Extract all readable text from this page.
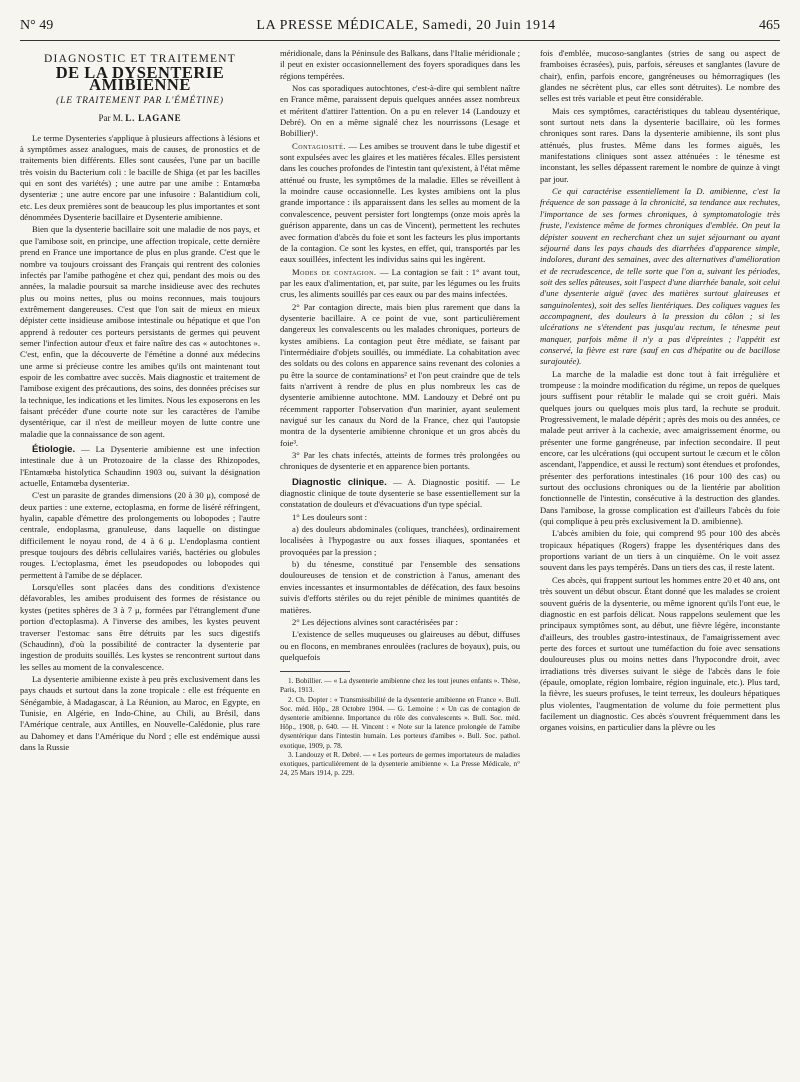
N° 49	LA PRESSE MÉDICALE, Samedi, 20 Juin 1914	465
DIAGNOSTIC ET TRAITEMENT
DE LA DYSENTERIE AMIBIENNE
(LE TRAITEMENT PAR L'ÉMÉTINE)
Par M. L. LAGANE

Le terme Dysenteries s'applique à plusieurs affections à lésions et à symptômes assez analogues, mais de causes, de pronostics et de traitements bien différents. Elles sont causées, l'une par un bacille très voisin du Bacterium coli : le bacille de Shiga (et par les bacilles qui en sont des variétés) ; une autre par une amibe : Entamœba dysenteriæ ; une autre encore par une infusoire : Balantidium coli, etc. Les deux premières sont de beaucoup les plus importantes et sont dénommées Dysenterie bacillaire et Dysenterie amibienne.

Bien que la dysenterie bacillaire soit une maladie de nos pays, et que l'amibose soit, en principe, une affection tropicale, cette dernière prend en France une importance de plus en plus grande. C'est que le nombre va toujours croissant des Français qui rentrent des colonies infectés par l'amibe pathogène et chez qui, pendant des mois ou des années, la maladie poursuit sa marche insidieuse avec des rechutes plus ou moins nettes, plus ou moins reconnues, mais toujours extrêmement dangereuses. C'est que l'on sait de mieux en mieux dépister cette insidieuse amibose intestinale ou hépatique et que l'on apprend à redouter ces porteurs persistants de germes qui peuvent semer l'infection autour d'eux et faire naître des cas « autochtones ». C'est, enfin, que la découverte de l'émétine a donné aux médecins une arme si précieuse contre les amibes qu'ils ont maintenant tout espoir de les combattre avec succès. Mais diagnostic et traitement de l'amibose exigent des précautions, des soins, des données précises sur la technique, les indications et les limites. Nous les exposerons en les faisant précéder d'une courte note sur les caractères de l'amibe dysentérique, car il n'est de meilleur moyen de lutte contre une maladie que la connaissance de son agent.

Étiologie. — La Dysenterie amibienne est une infection intestinale due à un Protozoaire de la classe des Rhizopodes, l'Entamœba histolytica Schaudinn 1903 ou, suivant la désignation actuelle, Entamœba dysenteriæ.

C'est un parasite de grandes dimensions (20 à 30 μ), composé de deux parties : une externe, ectoplasma, en forme de liséré réfringent, hyalin, capable d'émettre des prolongements ou lobopodes ; l'autre centrale, endoplasma, granuleuse, dans laquelle on distingue difficilement le noyau rond, de 4 à 6 μ. L'endoplasma contient presque toujours des débris cellulaires variés, bactéries ou globules rouges. L'ectoplasma, émet les pseudopodes ou lobopodes qui permettent à l'amibe de se déplacer.

Lorsqu'elles sont placées dans des conditions d'existence défavorables, les amibes produisent des formes de résistance ou kystes (petites sphères de 3 à 7 μ, formées par l'étranglement d'une portion d'ectoplasma). A l'inverse des amibes, les kystes peuvent traverser l'estomac sans être détruits par les sucs digestifs (Schaudinn), d'où la possibilité de contracter la dysenterie par ingestion de produits souillés. Les kystes se rencontrent surtout dans les selles au moment de la convalescence.

La dysenterie amibienne existe à peu près exclusivement dans les pays chauds et surtout dans la zone tropicale : elle est fréquente en Sénégambie, à Madagascar, à La Réunion, au Maroc, en Egypte, en Tunisie, en Algérie, en Indo-Chine, au Chili, au Brésil, dans l'Amérique centrale, aux Antilles, en Nouvelle-Calédonie, plus rare au Dahomey et dans l'Amérique du Nord ; elle est endémique aussi dans la Russie

méridionale, dans la Péninsule des Balkans, dans l'Italie méridionale ; il peut en exister occasionnellement des foyers sporadiques dans les régions tempérées.

Nos cas sporadiques autochtones, c'est-à-dire qui semblent naître en France même, paraissent depuis quelques années assez nombreux et méritent d'attirer l'attention. On a pu en relever 14 (Landouzy et Debré). On en a même signalé chez les nourrissons (Lesage et Bobillier)¹.

Contagiosité. — Les amibes se trouvent dans le tube digestif et sont expulsées avec les glaires et les matières fécales. Elles persistent dans les couches profondes de l'intestin tant qu'existent, à l'état même atténué ou fruste, les symptômes de la maladie. Elles se réveillent à la moindre cause occasionnelle. Les kystes amibiens ont la plus grande importance : ils apparaissent dans les selles au moment de la convalescence, peuvent persister fort longtemps (onze mois après la guérison apparente, dans un cas de Vincent), permettent les rechutes avec formation d'abcès du foie et sont les facteurs les plus importants de la contagion. Ce sont les kystes, en effet, qui, transportés par les eaux souillées, infectent les individus sains qui les ingèrent.

Modes de contagion. — La contagion se fait : 1° avant tout, par les eaux d'alimentation, et, par suite, par les légumes ou les fruits crus, les aliments souillés par ces eaux ou par des mains infectées.

2° Par contagion directe, mais bien plus rarement que dans la dysenterie bacillaire. A ce point de vue, sont particulièrement dangereux les convalescents ou les malades chroniques, porteurs de kystes amibiens. La contagion peut être médiate, se faisant par l'intermédiaire d'objets souillés, ou immédiate. La cohabitation avec des soldats ou des colons en apparence sains revenant des colonies a pu être la source de contaminations² et l'on peut craindre que de tels faits n'arrivent à rendre de plus en plus nombreux les cas de dysenterie amibienne autochtone. MM. Landouzy et Debré ont pu récemment rapporter l'observation d'un marinier, ayant seulement navigué sur les canaux du Nord de la France, chez qui l'autopsie montra de la dysenterie amibienne chronique et un gros abcès du foie³.

3° Par les chats infectés, atteints de formes très prolongées ou chroniques de dysenterie et en apparence bien portants.

Diagnostic clinique. — A. Diagnostic positif. — Le diagnostic clinique de toute dysenterie se base essentiellement sur la constatation de douleurs et d'évacuations d'un type spécial.

1° Les douleurs sont :

a) des douleurs abdominales (coliques, tranchées), ordinairement localisées à l'hypogastre ou aux fosses iliaques, spontanées et provoquées par la pression ;

b) du ténesme, constitué par l'ensemble des sensations douloureuses de tension et de constriction à l'anus, amenant des envies incessantes et insurmontables de défécation, des faux besoins suivis d'efforts stériles ou du rejet pénible de minimes quantités de matières.

2° Les déjections alvines sont caractérisées par :

L'existence de selles muqueuses ou glaireuses au début, diffuses ou en flocons, en membranes enroulées (raclures de boyaux), puis, ou quelquefois

1. Bobillier. — « La dysenterie amibienne chez les tout jeunes enfants ». Thèse, Paris, 1913.

2. Ch. Dopter : « Transmissibilité de la dysenterie amibienne en France ». Bull. Soc. méd. Hôp., 28 Octobre 1904. — G. Lemoine : « Un cas de contagion de dysenterie amibienne. Importance du rôle des convalescents ». Bull. Soc. méd. Hôp., 1908, p. 640. — H. Vincent : « Note sur la latence prolongée de l'amibe dysentérique dans l'intestin humain. Les porteurs d'amibes ». Bull. Soc. pathol. exotique, 1909, p. 78.

3. Landouzy et R. Debré. — « Les porteurs de germes importateurs de maladies exotiques, particulièrement de la dysenterie amibienne ». La Presse Médicale, n° 24, 25 Mars 1914, p. 229.

fois d'emblée, mucoso-sanglantes (stries de sang ou aspect de framboises écrasées), puis, parfois, séreuses et sanglantes (lavure de chair), enfin, parfois encore, gangréneuses ou hémorragiques (les glandes ne sécrètent plus, car elles sont détruites). Le nombre des selles est très variable et peut être considérable.

Mais ces symptômes, caractéristiques du tableau dysentérique, sont surtout nets dans la dysenterie bacillaire, où les formes chroniques sont rares. Dans la dysenterie amibienne, ils sont plus atténués, plus frustes. Même dans les formes aiguës, les manifestations cliniques sont assez atténuées : le ténesme est inconstant, les selles dépassent rarement le nombre de quinze à vingt par jour.

Ce qui caractérise essentiellement la D. amibienne, c'est la fréquence de son passage à la chronicité, sa tendance aux rechutes, l'importance de ses formes chroniques, à symptomatologie très fruste, l'existence même de formes chroniques d'emblée. On peut la dépister souvent en recherchant chez un sujet séjournant ou ayant séjourné dans les pays chauds des diarrhées d'apparence simple, indolores, durant des semaines, avec des alternatives d'amélioration et de recrudescence, de telle sorte que l'on a, suivant les périodes, soit des selles pâteuses, soit l'aspect d'une diarrhée banale, soit celui d'une dysenterie aiguë (avec des matières surtout glaireuses et sanguinolentes), soit des selles lientériques. Des coliques vagues les accompagnent, des douleurs à la pression du côlon ; si les ulcérations ne s'étendent pas jusqu'au rectum, le ténesme peut manquer, parfois même il n'y a pas d'épreintes ; l'appétit est conservé, la fièvre est rare (sauf en cas d'hépatite ou de bacillose surajoutée).

La marche de la maladie est donc tout à fait irrégulière et trompeuse : la moindre modification du régime, un repos de quelques jours suffisent pour rétablir le malade qui se croit guéri. Mais quelques jours ou quelques mois plus tard, la rechute se produit. Progressivement, le malade dépérit ; après des mois ou des années, ce malade peut arriver à la cachexie, avec amaigrissement énorme, ou présenter une forme gangréneuse, par infection secondaire. Il peut encore, car les ulcérations (qui occupent surtout le cæcum et le côlon ascendant, l'appendice, et aussi le rectum) sont étendues et profondes, présenter des perforations intestinales (16 pour 100 des cas) ou surtout des occlusions chroniques ou de la lientérie par abolition fonctionnelle de l'intestin, consécutive à la destruction des glandes. Dans l'amibose, la grosse complication est d'ailleurs l'abcès du foie (qui complique à peu près exclusivement la D. amibienne).

L'abcès amibien du foie, qui comprend 95 pour 100 des abcès tropicaux hépatiques (Rogers) frappe les dysentériques dans des proportions variant de un tiers à un cinquième. On le voit assez souvent dans les pays tempérés. Dans un tiers des cas, il reste latent.

Ces abcès, qui frappent surtout les hommes entre 20 et 40 ans, ont très souvent un début obscur. Étant donné que les malades se croient souvent guéris de la dysenterie, ou même ignorent qu'ils l'ont eue, le diagnostic en est parfois délicat. Nous rappelons seulement que les principaux symptômes sont, au début, une fièvre légère, inconstante d'ailleurs, des troubles gastro-intestinaux, de l'amaigrissement avec perte des forces et surtout une tuméfaction du foie avec sensations douloureuses plus ou moins nettes dans l'hypocondre droit, avec irradiations très diverses suivant le siège de l'abcès dans le foie (épaule, omoplate, région lombaire, région inguinale, etc.). Plus tard, la fièvre, les sueurs profuses, le teint terreux, les douleurs hépatiques plus violentes, l'augmentation de volume du foie permettent plus facilement un diagnostic. Ces abcès s'ouvrent fréquemment dans les organes voisins, en particulier dans la plèvre ou les
